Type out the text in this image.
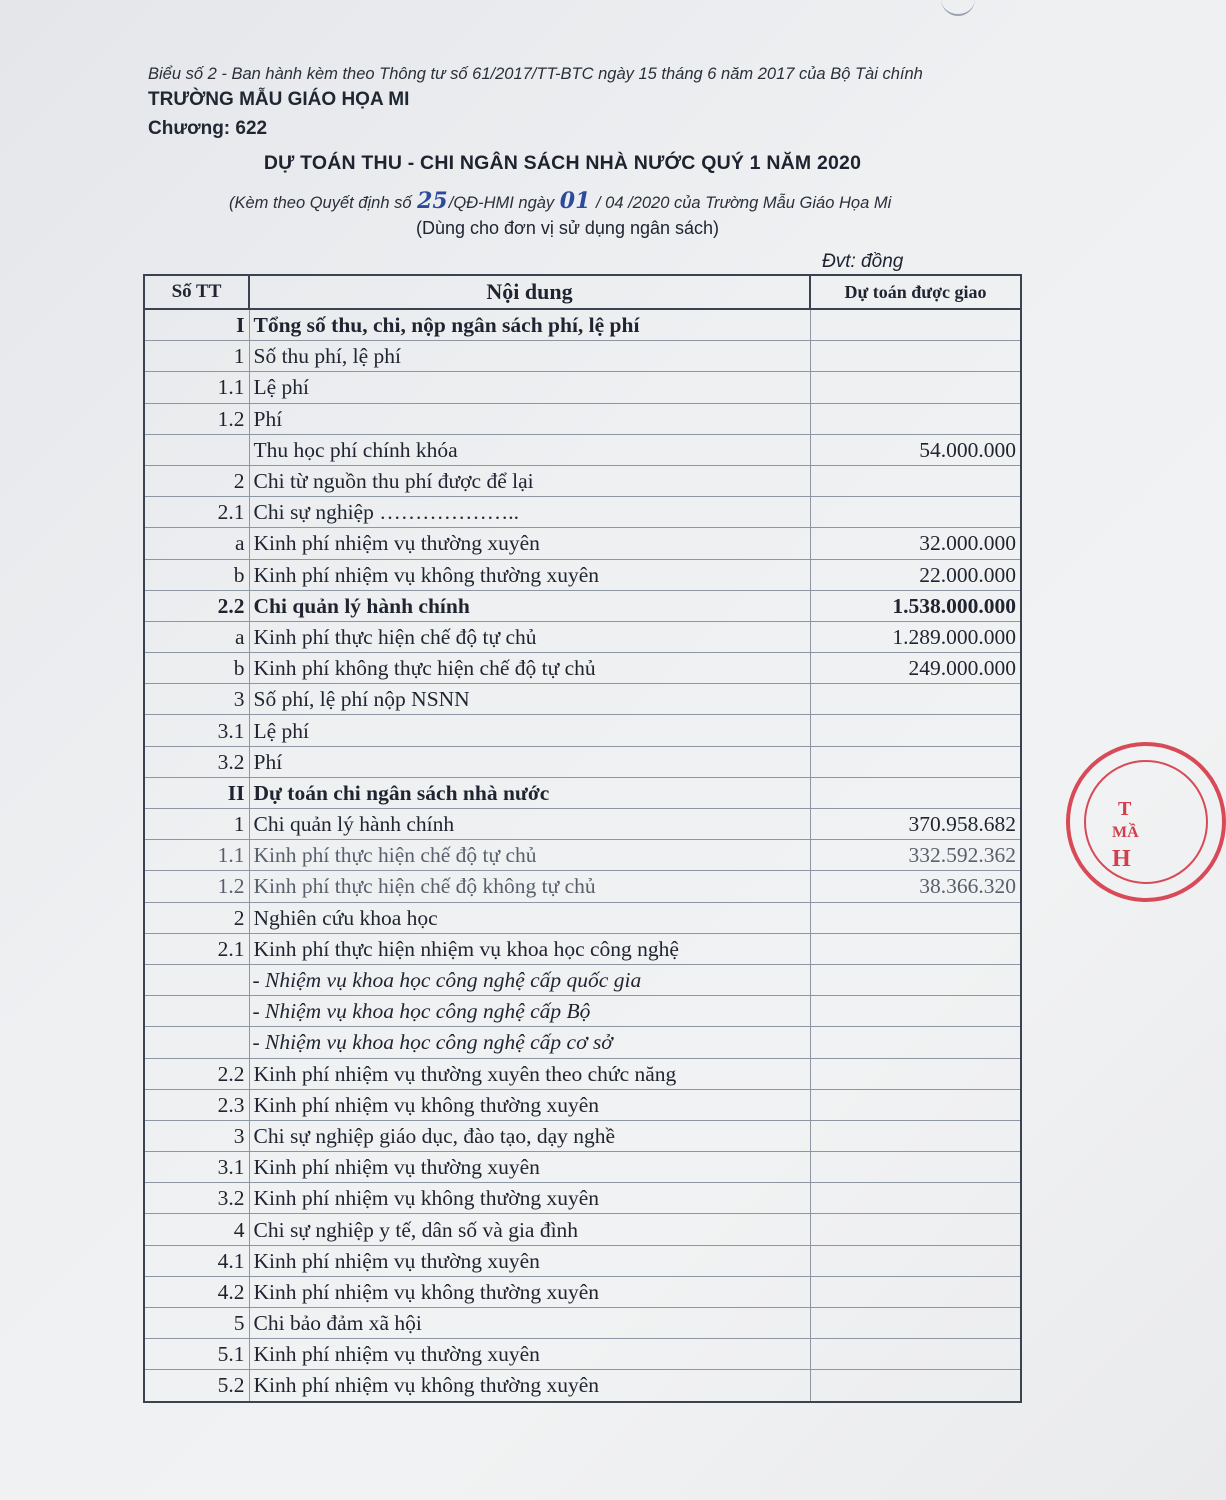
Biểu số 2 - Ban hành kèm theo Thông tư số 61/2017/TT-BTC ngày 15 tháng 6 năm 2017 của Bộ Tài chính
TRƯỜNG MẪU GIÁO HỌA MI
Chương: 622
DỰ TOÁN THU - CHI NGÂN SÁCH NHÀ NƯỚC QUÝ 1 NĂM 2020
(Kèm theo Quyết định số 25/QĐ-HMI ngày 01 / 04 /2020 của Trường Mẫu Giáo Họa Mi
(Dùng cho đơn vị sử dụng ngân sách)
Đvt: đồng
Số TT	Nội dung	Dự toán được giao
I	Tổng số thu, chi, nộp ngân sách phí, lệ phí	
1	Số thu phí, lệ phí	
1.1	Lệ phí	
1.2	Phí	
	Thu học phí chính khóa	54.000.000
2	Chi từ nguồn thu phí được để lại	
2.1	Chi sự nghiệp ………………..	
a	Kinh phí nhiệm vụ thường xuyên	32.000.000
b	Kinh phí nhiệm vụ không thường xuyên	22.000.000
2.2	Chi quản lý hành chính	1.538.000.000
a	Kinh phí thực hiện chế độ tự chủ	1.289.000.000
b	Kinh phí không thực hiện chế độ tự chủ	249.000.000
3	Số phí, lệ phí nộp NSNN	
3.1	Lệ phí	
3.2	Phí	
II	Dự toán chi ngân sách nhà nước	
1	Chi quản lý hành chính	370.958.682
1.1	Kinh phí thực hiện chế độ tự chủ	332.592.362
1.2	Kinh phí thực hiện chế độ không tự chủ	38.366.320
2	Nghiên cứu khoa học	
2.1	Kinh phí thực hiện nhiệm vụ khoa học công nghệ	
	- Nhiệm vụ khoa học công nghệ cấp quốc gia	
	- Nhiệm vụ khoa học công nghệ cấp Bộ	
	- Nhiệm vụ khoa học công nghệ cấp cơ sở	
2.2	Kinh phí nhiệm vụ thường xuyên theo chức năng	
2.3	Kinh phí nhiệm vụ không thường xuyên	
3	Chi sự nghiệp giáo dục, đào tạo, dạy nghề	
3.1	Kinh phí nhiệm vụ thường xuyên	
3.2	Kinh phí nhiệm vụ không thường xuyên	
4	Chi sự nghiệp y tế, dân số và gia đình	
4.1	Kinh phí nhiệm vụ thường xuyên	
4.2	Kinh phí nhiệm vụ không thường xuyên	
5	Chi bảo đảm xã hội	
5.1	Kinh phí nhiệm vụ thường xuyên	
5.2	Kinh phí nhiệm vụ không thường xuyên	
T
MẦ
H
